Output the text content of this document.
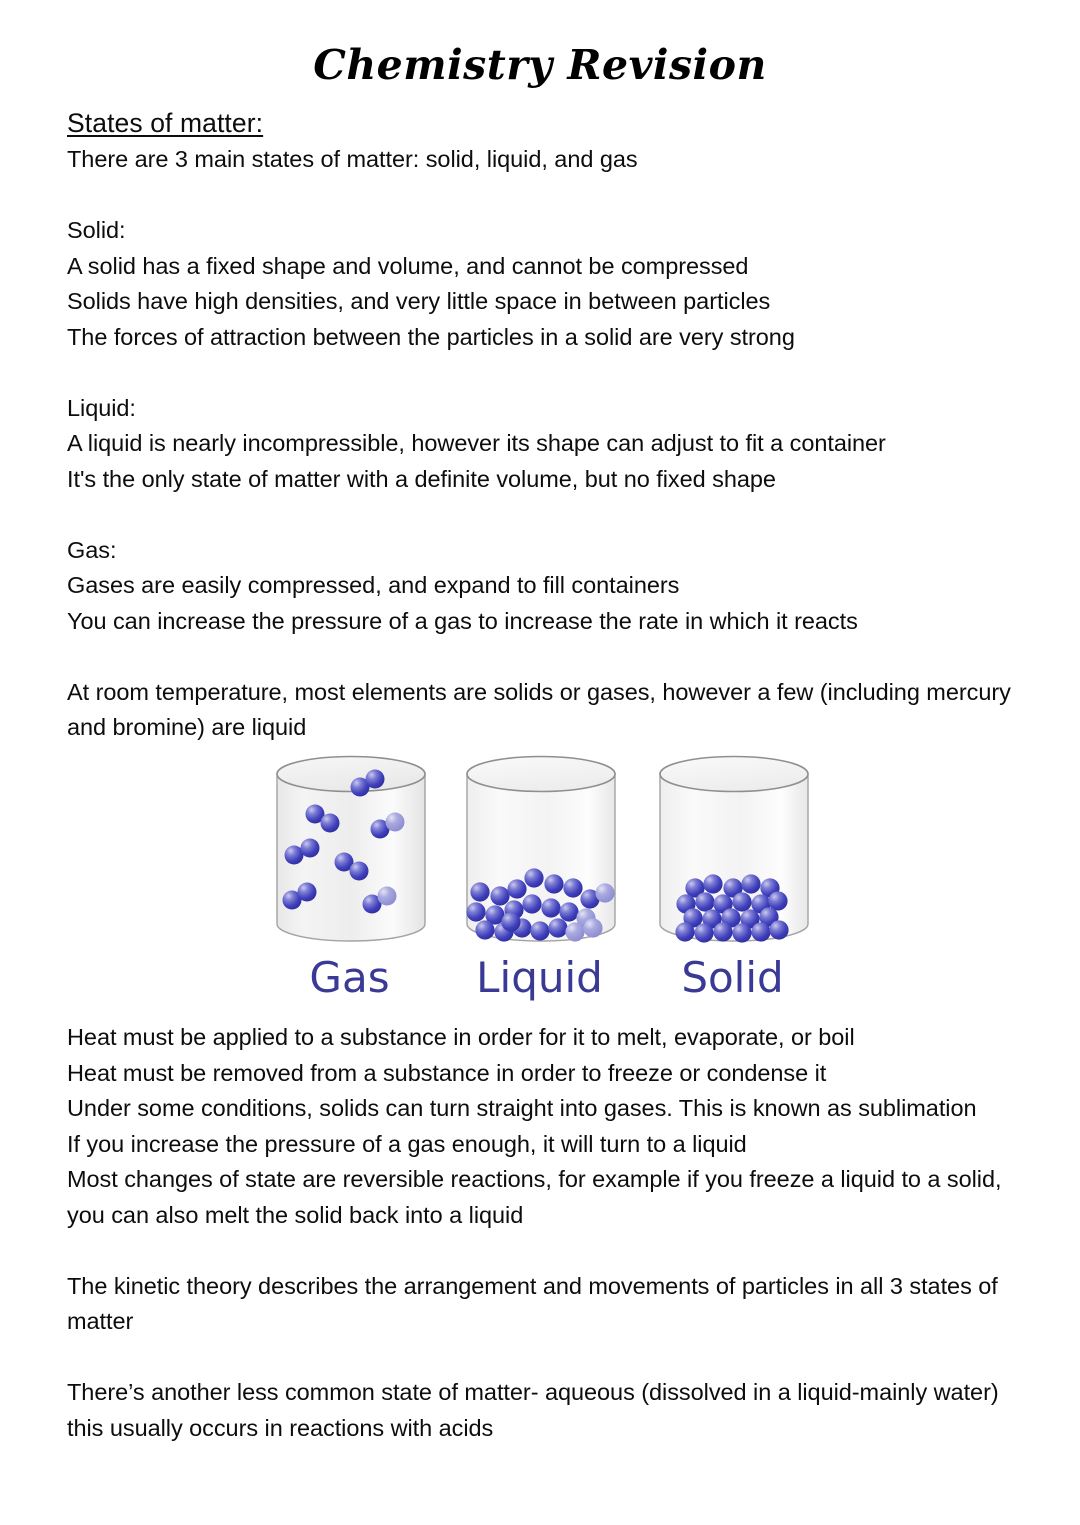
Chemistry Revision
States of matter:

There are 3 main states of matter: solid, liquid, and gas

Solid:
A solid has a fixed shape and volume, and cannot be compressed
Solids have high densities, and very little space in between particles
The forces of attraction between the particles in a solid are very strong

Liquid:
A liquid is nearly incompressible, however its shape can adjust to fit a container
It's the only state of matter with a definite volume, but no fixed shape

Gas:
Gases are easily compressed, and expand to fill containers
You can increase the pressure of a gas to increase the rate in which it reacts

At room temperature, most elements are solids or gases, however a few (including mercury and bromine) are liquid

Gas	Liquid	Solid

Heat must be applied to a substance in order for it to melt, evaporate, or boil
Heat must be removed from a substance in order to freeze or condense it
Under some conditions, solids can turn straight into gases. This is known as sublimation
If you increase the pressure of a gas enough, it will turn to a liquid
Most changes of state are reversible reactions, for example if you freeze a liquid to a solid, you can also melt the solid back into a liquid

The kinetic theory describes the arrangement and movements of particles in all 3 states of matter

There’s another less common state of matter- aqueous (dissolved in a liquid-mainly water) this usually occurs in reactions with acids
